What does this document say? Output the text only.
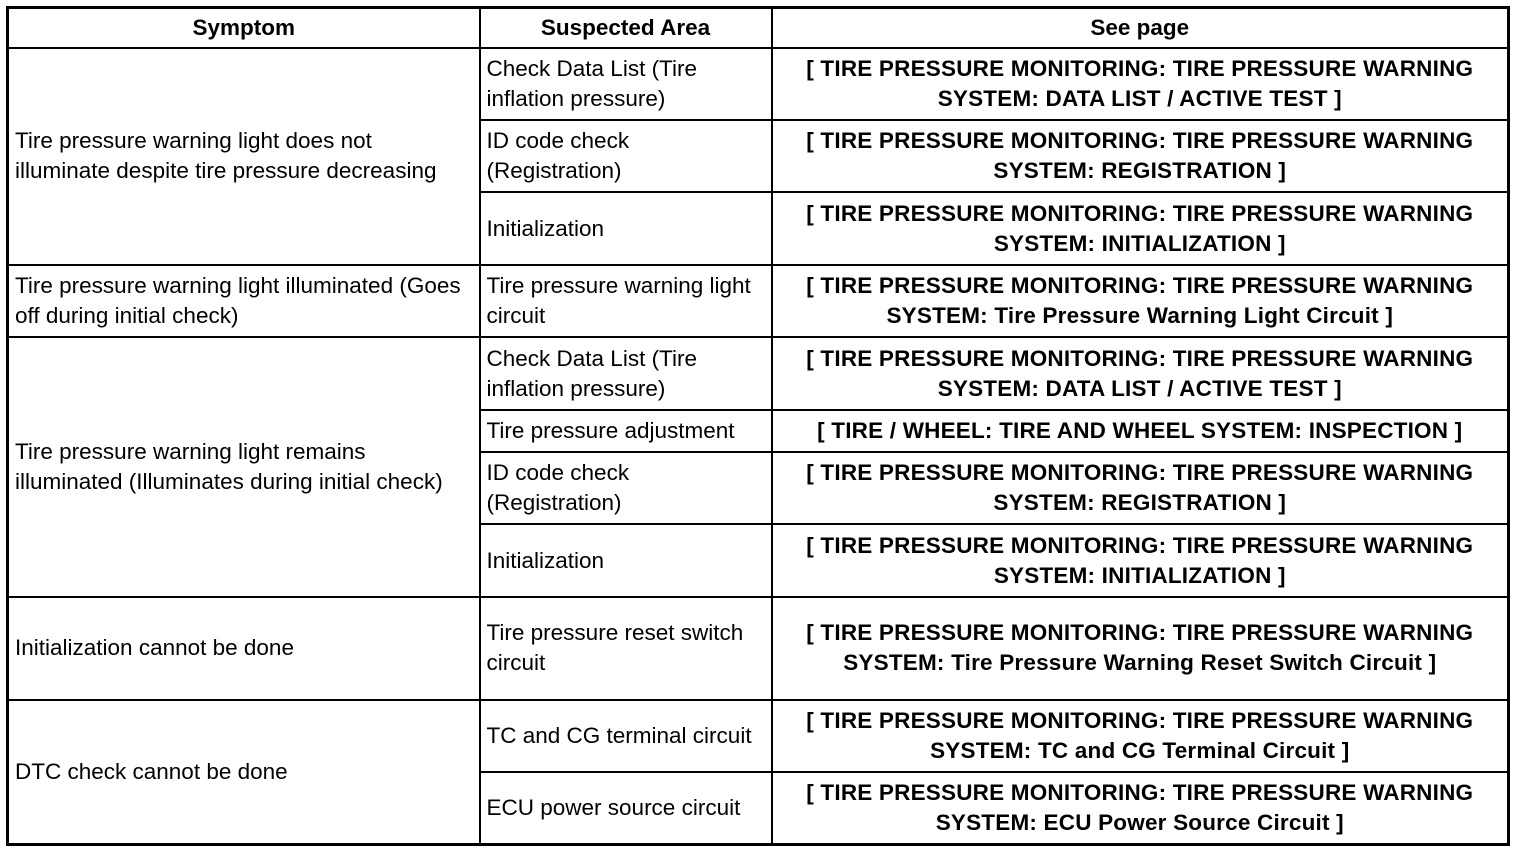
Symptom	Suspected Area	See page
Tire pressure warning light does not illuminate despite tire pressure decreasing	Check Data List (Tire inflation pressure)	[ TIRE PRESSURE MONITORING: TIRE PRESSURE WARNING SYSTEM: DATA LIST / ACTIVE TEST ]
	ID code check (Registration)	[ TIRE PRESSURE MONITORING: TIRE PRESSURE WARNING SYSTEM: REGISTRATION ]
	Initialization	[ TIRE PRESSURE MONITORING: TIRE PRESSURE WARNING SYSTEM: INITIALIZATION ]
Tire pressure warning light illuminated (Goes off during initial check)	Tire pressure warning light circuit	[ TIRE PRESSURE MONITORING: TIRE PRESSURE WARNING SYSTEM: Tire Pressure Warning Light Circuit ]
Tire pressure warning light remains illuminated (Illuminates during initial check)	Check Data List (Tire inflation pressure)	[ TIRE PRESSURE MONITORING: TIRE PRESSURE WARNING SYSTEM: DATA LIST / ACTIVE TEST ]
	Tire pressure adjustment	[ TIRE / WHEEL: TIRE AND WHEEL SYSTEM: INSPECTION ]
	ID code check (Registration)	[ TIRE PRESSURE MONITORING: TIRE PRESSURE WARNING SYSTEM: REGISTRATION ]
	Initialization	[ TIRE PRESSURE MONITORING: TIRE PRESSURE WARNING SYSTEM: INITIALIZATION ]
Initialization cannot be done	Tire pressure reset switch circuit	[ TIRE PRESSURE MONITORING: TIRE PRESSURE WARNING SYSTEM: Tire Pressure Warning Reset Switch Circuit ]
DTC check cannot be done	TC and CG terminal circuit	[ TIRE PRESSURE MONITORING: TIRE PRESSURE WARNING SYSTEM: TC and CG Terminal Circuit ]
	ECU power source circuit	[ TIRE PRESSURE MONITORING: TIRE PRESSURE WARNING SYSTEM: ECU Power Source Circuit ]
